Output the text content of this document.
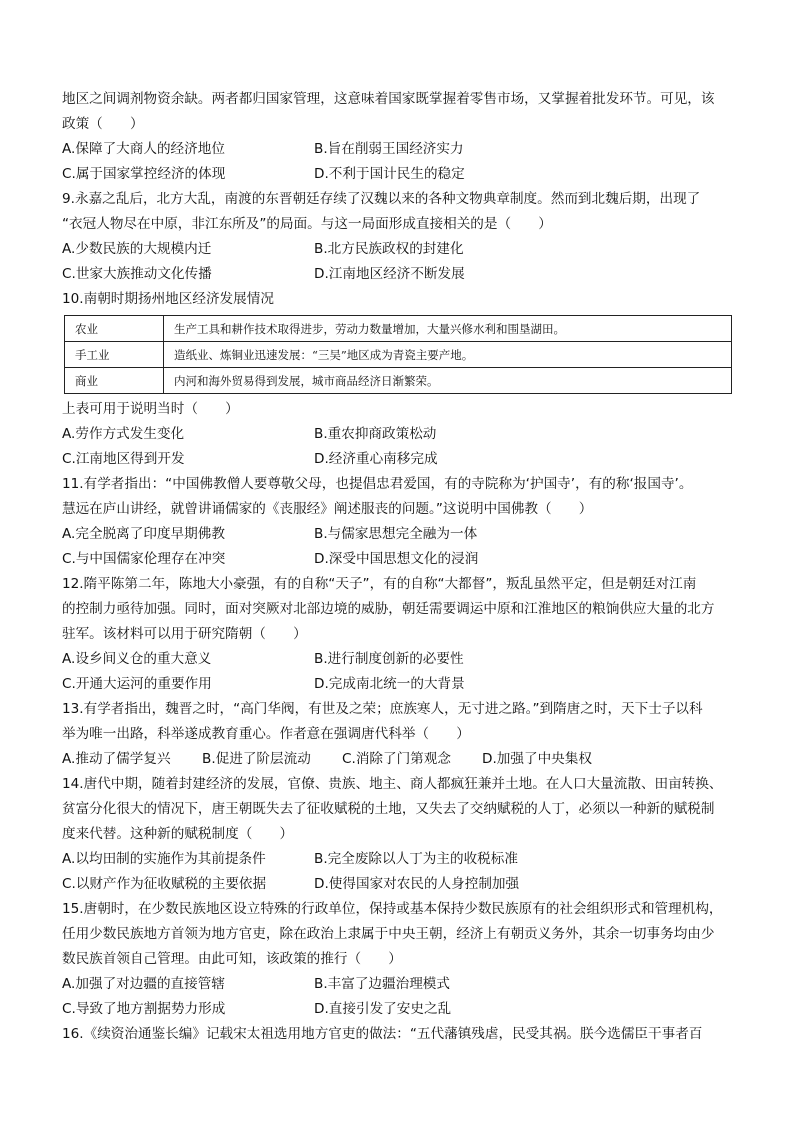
地区之间调剂物资余缺。两者都归国家管理，这意味着国家既掌握着零售市场，又掌握着批发环节。可见，该

政策（　　）

A.保障了大商人的经济地位	B.旨在削弱王国经济实力
C.属于国家掌控经济的体现	D.不利于国计民生的稳定

9.永嘉之乱后，北方大乱，南渡的东晋朝廷存续了汉魏以来的各种文物典章制度。然而到北魏后期，出现了

“衣冠人物尽在中原，非江东所及”的局面。与这一局面形成直接相关的是（　　）

A.少数民族的大规模内迁	B.北方民族政权的封建化
C.世家大族推动文化传播	D.江南地区经济不断发展

10.南朝时期扬州地区经济发展情况

农业	生产工具和耕作技术取得进步，劳动力数量增加，大量兴修水利和围垦湖田。
手工业	造纸业、炼铜业迅速发展：“三吴”地区成为青瓷主要产地。
商业	内河和海外贸易得到发展，城市商品经济日渐繁荣。

上表可用于说明当时（　　）

A.劳作方式发生变化	B.重农抑商政策松动
C.江南地区得到开发	D.经济重心南移完成

11.有学者指出：“中国佛教僧人要尊敬父母，也提倡忠君爱国，有的寺院称为‘护国寺’，有的称‘报国寺’。

慧远在庐山讲经，就曾讲诵儒家的《丧服经》阐述服丧的问题。”这说明中国佛教（　　）

A.完全脱离了印度早期佛教	B.与儒家思想完全融为一体
C.与中国儒家伦理存在冲突	D.深受中国思想文化的浸润

12.隋平陈第二年，陈地大小豪强，有的自称“天子”，有的自称“大都督”，叛乱虽然平定，但是朝廷对江南

的控制力亟待加强。同时，面对突厥对北部边境的威胁，朝廷需要调运中原和江淮地区的粮饷供应大量的北方

驻军。该材料可以用于研究隋朝（　　）

A.设乡间义仓的重大意义	B.进行制度创新的必要性
C.开通大运河的重要作用	D.完成南北统一的大背景

13.有学者指出，魏晋之时，“高门华阀，有世及之荣；庶族寒人，无寸进之路。”到隋唐之时，天下士子以科

举为唯一出路，科举遂成教育重心。作者意在强调唐代科举（　　）

A.推动了儒学复兴	B.促进了阶层流动	C.消除了门第观念	D.加强了中央集权

14.唐代中期，随着封建经济的发展，官僚、贵族、地主、商人都疯狂兼并土地。在人口大量流散、田亩转换、

贫富分化很大的情况下，唐王朝既失去了征收赋税的土地，又失去了交纳赋税的人丁，必须以一种新的赋税制

度来代替。这种新的赋税制度（　　）

A.以均田制的实施作为其前提条件	B.完全废除以人丁为主的收税标准
C.以财产作为征收赋税的主要依据	D.使得国家对农民的人身控制加强

15.唐朝时，在少数民族地区设立特殊的行政单位，保持或基本保持少数民族原有的社会组织形式和管理机构，

任用少数民族地方首领为地方官吏，除在政治上隶属于中央王朝，经济上有朝贡义务外，其余一切事务均由少

数民族首领自己管理。由此可知，该政策的推行（　　）

A.加强了对边疆的直接管辖	B.丰富了边疆治理模式
C.导致了地方割据势力形成	D.直接引发了安史之乱

16.《续资治通鉴长编》记载宋太祖选用地方官吏的做法：“五代藩镇残虐，民受其祸。朕今选儒臣干事者百
